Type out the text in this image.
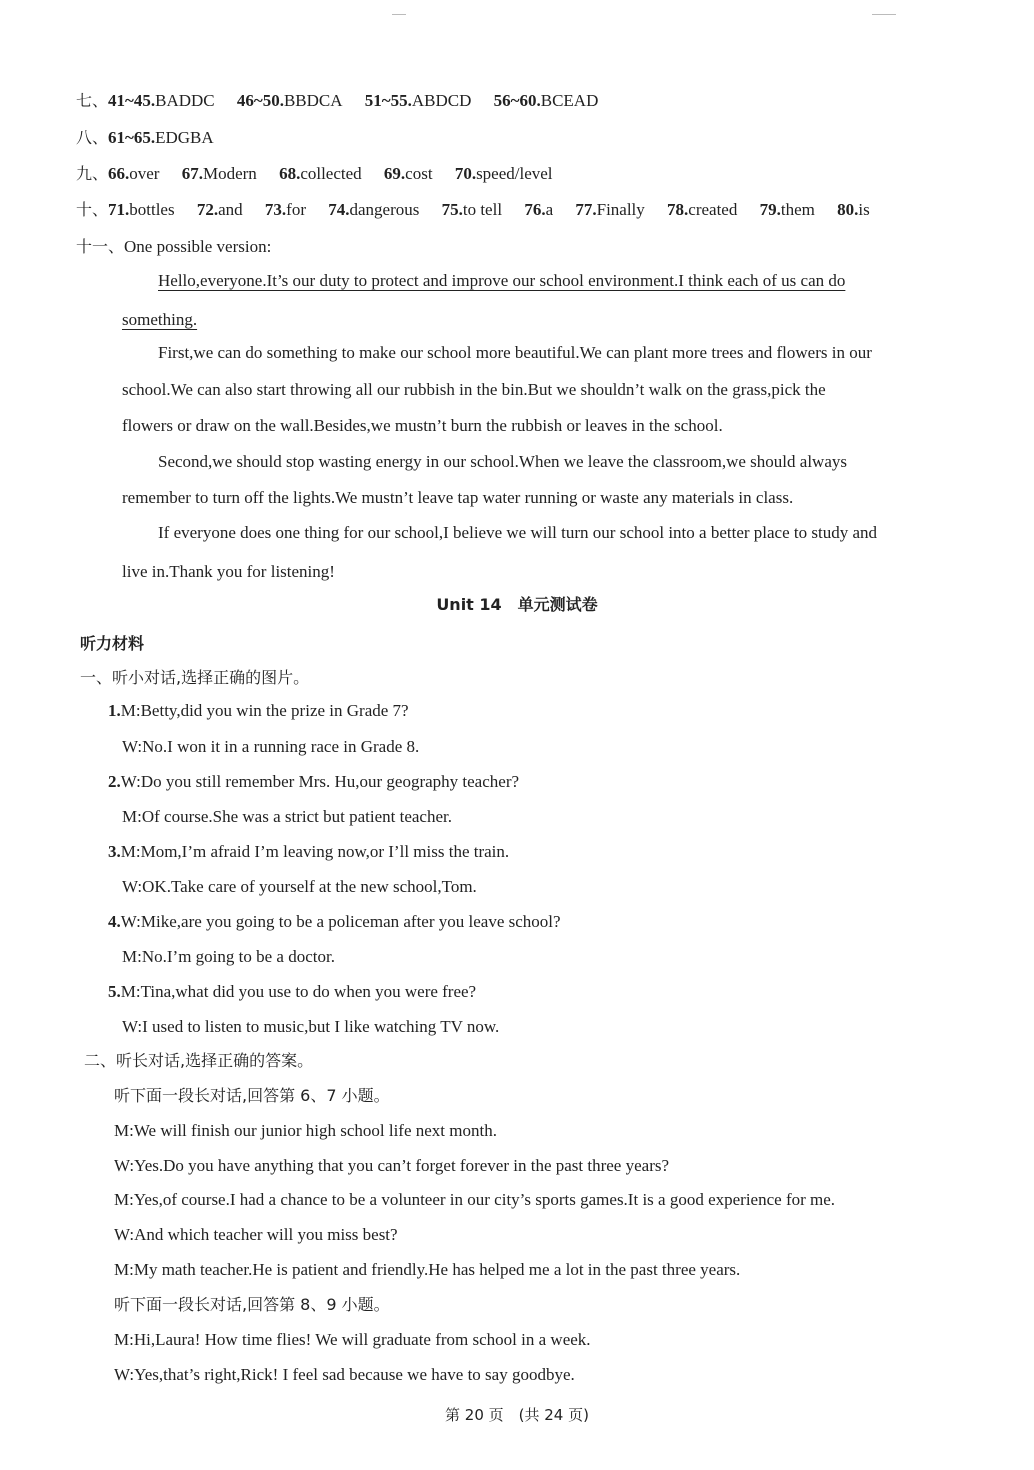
七、41~45.BADDC 46~50.BBDCA 51~55.ABDCD 56~60.BCEAD
八、61~65.EDGBA
九、66.over 67.Modern 68.collected 69.cost 70.speed/level
十、71.bottles 72.and 73.for 74.dangerous 75.to tell 76.a 77.Finally 78.created 79.them 80.is
十一、One possible version:
Hello,everyone.It’s our duty to protect and improve our school environment.I think each of us can do
something.
First,we can do something to make our school more beautiful.We can plant more trees and flowers in our
school.We can also start throwing all our rubbish in the bin.But we shouldn’t walk on the grass,pick the
flowers or draw on the wall.Besides,we mustn’t burn the rubbish or leaves in the school.
Second,we should stop wasting energy in our school.When we leave the classroom,we should always
remember to turn off the lights.We mustn’t leave tap water running or waste any materials in class.
If everyone does one thing for our school,I believe we will turn our school into a better place to study and
live in.Thank you for listening!
Unit 14　单元测试卷
听力材料
一、听小对话,选择正确的图片。
1.M:Betty,did you win the prize in Grade 7?
W:No.I won it in a running race in Grade 8.
2.W:Do you still remember Mrs. Hu,our geography teacher?
M:Of course.She was a strict but patient teacher.
3.M:Mom,I’m afraid I’m leaving now,or I’ll miss the train.
W:OK.Take care of yourself at the new school,Tom.
4.W:Mike,are you going to be a policeman after you leave school?
M:No.I’m going to be a doctor.
5.M:Tina,what did you use to do when you were free?
W:I used to listen to music,but I like watching TV now.
二、听长对话,选择正确的答案。
听下面一段长对话,回答第 6、7 小题。
M:We will finish our junior high school life next month.
W:Yes.Do you have anything that you can’t forget forever in the past three years?
M:Yes,of course.I had a chance to be a volunteer in our city’s sports games.It is a good experience for me.
W:And which teacher will you miss best?
M:My math teacher.He is patient and friendly.He has helped me a lot in the past three years.
听下面一段长对话,回答第 8、9 小题。
M:Hi,Laura! How time flies! We will graduate from school in a week.
W:Yes,that’s right,Rick! I feel sad because we have to say goodbye.
第 20 页　(共 24 页)
